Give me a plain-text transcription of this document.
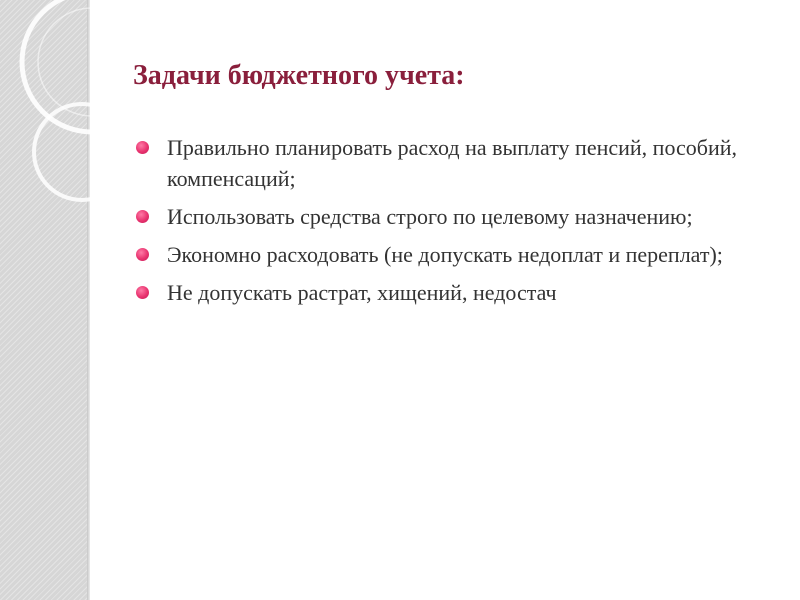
Задачи бюджетного учета:
Правильно планировать расход на выплату пенсий, пособий, компенсаций;
Использовать средства строго по целевому назначению;
Экономно расходовать (не допускать недоплат и переплат);
Не допускать растрат, хищений, недостач
